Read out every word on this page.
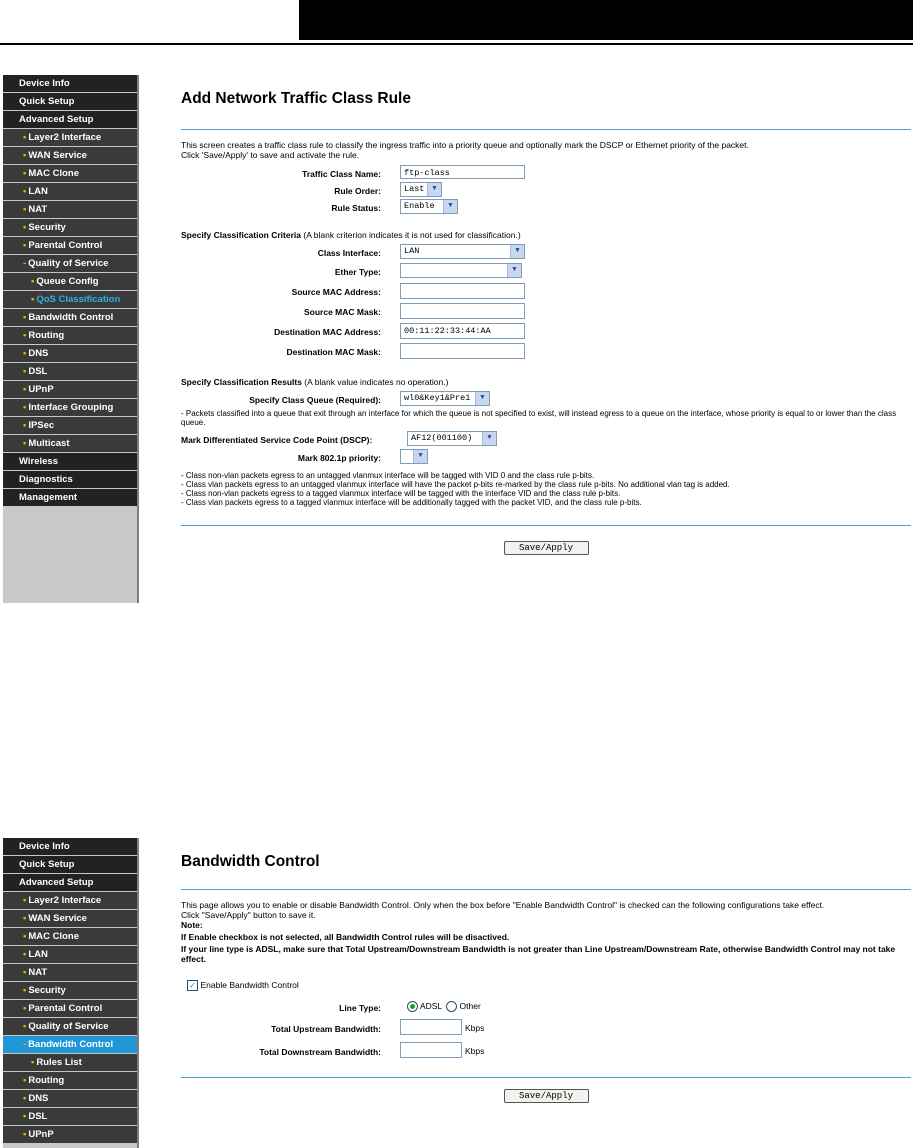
Device Info
Quick Setup
Advanced Setup
• Layer2 Interface
• WAN Service
• MAC Clone
• LAN
• NAT
• Security
• Parental Control
- Quality of Service
• Queue Config
• QoS Classification
• Bandwidth Control
• Routing
• DNS
• DSL
• UPnP
• Interface Grouping
• IPSec
• Multicast
Wireless
Diagnostics
Management
Add Network Traffic Class Rule
This screen creates a traffic class rule to classify the ingress traffic into a priority queue and optionally mark the DSCP or Ethernet priority of the packet.
Click 'Save/Apply' to save and activate the rule.
Traffic Class Name:	ftp-class
Rule Order:	Last	▼
Rule Status:	Enable	▼
Specify Classification Criteria (A blank criterion indicates it is not used for classification.)
Class Interface:	LAN	▼
Ether Type:	▼
Source MAC Address:
Source MAC Mask:
Destination MAC Address:	00:11:22:33:44:AA
Destination MAC Mask:
Specify Classification Results (A blank value indicates no operation.)
Specify Class Queue (Required):	wl0&Key1&Pre1	▼
- Packets classified into a queue that exit through an interface for which the queue is not specified to exist, will instead egress to a queue on the interface, whose priority is equal to or lower than the class queue.
Mark Differentiated Service Code Point (DSCP):	AF12(001100)	▼
Mark 802.1p priority:	▼
- Class non-vlan packets egress to an untagged vlanmux interface will be tagged with VID 0 and the class rule p-bits.
- Class vlan packets egress to an untagged vlanmux interface will have the packet p-bits re-marked by the class rule p-bits. No additional vlan tag is added.
- Class non-vlan packets egress to a tagged vlanmux interface will be tagged with the interface VID and the class rule p-bits.
- Class vlan packets egress to a tagged vlanmux interface will be additionally tagged with the packet VID, and the class rule p-bits.
Save/Apply
Device Info
Quick Setup
Advanced Setup
• Layer2 Interface
• WAN Service
• MAC Clone
• LAN
• NAT
• Security
• Parental Control
• Quality of Service
- Bandwidth Control
• Rules List
• Routing
• DNS
• DSL
• UPnP
Bandwidth Control
This page allows you to enable or disable Bandwidth Control. Only when the box before "Enable Bandwidth Control" is checked can the following configurations take effect.
Click "Save/Apply" button to save it.
Note:
If Enable checkbox is not selected, all Bandwidth Control rules will be disactived.
If your line type is ADSL, make sure that Total Upstream/Downstream Bandwidth is not greater than Line Upstream/Downstream Rate, otherwise Bandwidth Control may not take effect.
✓ Enable Bandwidth Control
Line Type:	ADSL Other
Total Upstream Bandwidth:	Kbps
Total Downstream Bandwidth:	Kbps
Save/Apply
